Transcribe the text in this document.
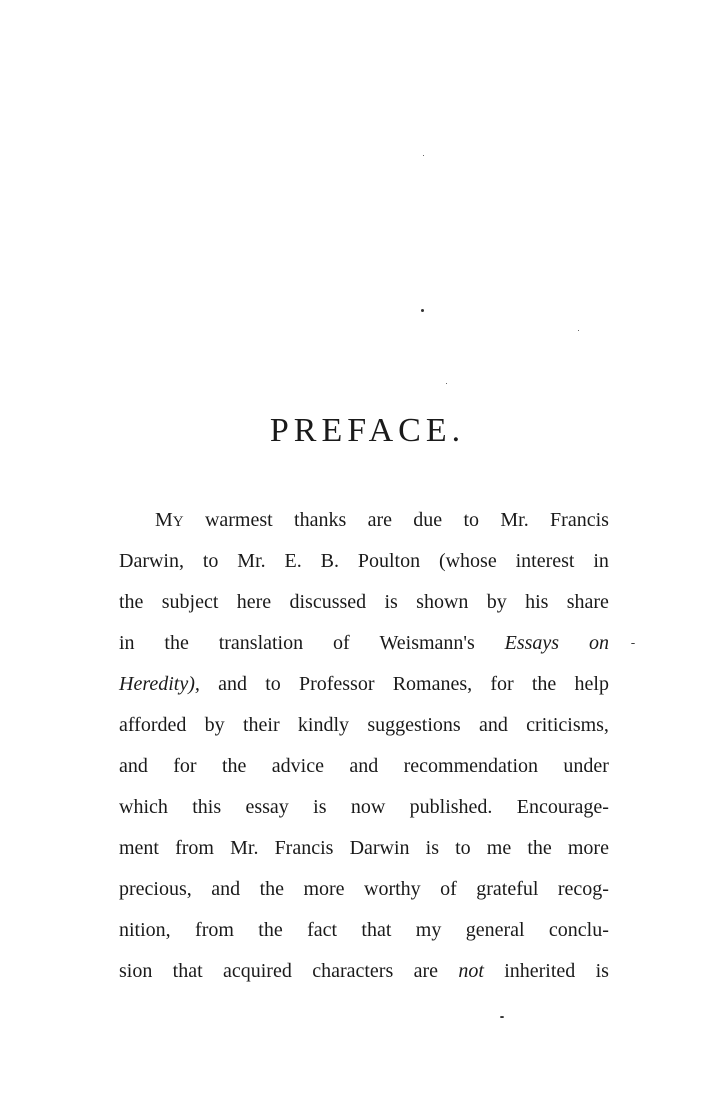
PREFACE.
MY warmest thanks are due to Mr. Francis
Darwin, to Mr. E. B. Poulton (whose interest in
the subject here discussed is shown by his share
in the translation of Weismann's Essays on
Heredity), and to Professor Romanes, for the help
afforded by their kindly suggestions and criticisms,
and for the advice and recommendation under
which this essay is now published. Encourage-
ment from Mr. Francis Darwin is to me the more
precious, and the more worthy of grateful recog-
nition, from the fact that my general conclu-
sion that acquired characters are not inherited is
